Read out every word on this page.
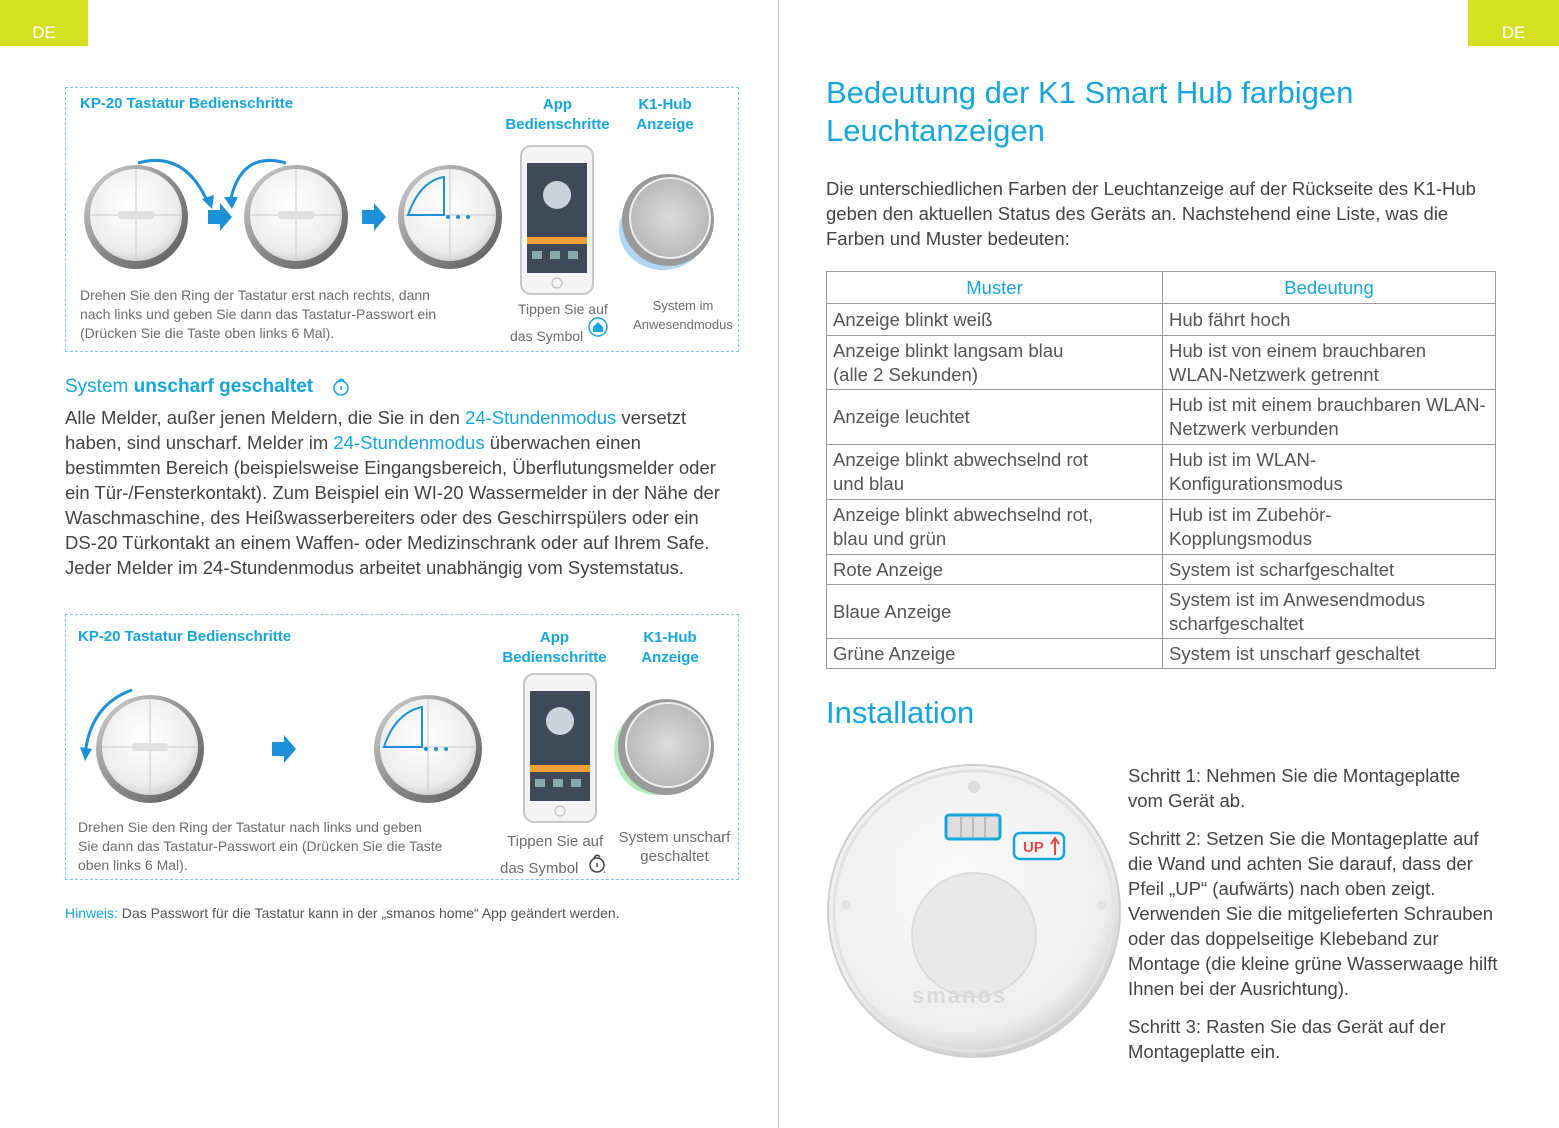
DE	DE
KP-20 Tastatur Bedienschritte	App
Bedienschritte
K1-Hub
Anzeige
Drehen Sie den Ring der Tastatur erst nach rechts, dann
nach links und geben Sie dann das Tastatur-Passwort ein
(Drücken Sie die Taste oben links 6 Mal).
Tippen Sie auf
das Symbol
System im
Anwesendmodus
System unscharf geschaltet
Alle Melder, außer jenen Meldern, die Sie in den 24-Stundenmodus versetzt haben, sind unscharf. Melder im 24-Stundenmodus überwachen einen bestimmten Bereich (beispielsweise Eingangsbereich, Überflutungsmelder oder ein Tür-/Fensterkontakt). Zum Beispiel ein WI-20 Wassermelder in der Nähe der Waschmaschine, des Heißwasserbereiters oder des Geschirrspülers oder ein DS-20 Türkontakt an einem Waffen- oder Medizinschrank oder auf Ihrem Safe. Jeder Melder im 24-Stundenmodus arbeitet unabhängig vom Systemstatus.
KP-20 Tastatur Bedienschritte	App
Bedienschritte
K1-Hub
Anzeige
Drehen Sie den Ring der Tastatur nach links und geben
Sie dann das Tastatur-Passwort ein (Drücken Sie die Taste
oben links 6 Mal).
Tippen Sie auf
das Symbol .
System unscharf
geschaltet
Hinweis: Das Passwort für die Tastatur kann in der „smanos home“ App geändert werden.
Bedeutung der K1 Smart Hub farbigen
Leuchtanzeigen
Die unterschiedlichen Farben der Leuchtanzeige auf der Rückseite des K1-Hub geben den aktuellen Status des Geräts an. Nachstehend eine Liste, was die Farben und Muster bedeuten:
Muster	Bedeutung
Anzeige blinkt weiß	Hub fährt hoch
Anzeige blinkt langsam blau (alle 2 Sekunden)	Hub ist von einem brauchbaren WLAN-Netzwerk getrennt
Anzeige leuchtet	Hub ist mit einem brauchbaren WLAN-Netzwerk verbunden
Anzeige blinkt abwechselnd rot und blau	Hub ist im WLAN-Konfigurationsmodus
Anzeige blinkt abwechselnd rot, blau und grün	Hub ist im Zubehör-Kopplungsmodus
Rote Anzeige	System ist scharfgeschaltet
Blaue Anzeige	System ist im Anwesendmodus scharfgeschaltet
Grüne Anzeige	System ist unscharf geschaltet
Installation
UP
smanos
Schritt 1: Nehmen Sie die Montageplatte vom Gerät ab.
Schritt 2: Setzen Sie die Montageplatte auf die Wand und achten Sie darauf, dass der Pfeil „UP“ (aufwärts) nach oben zeigt. Verwenden Sie die mitgelieferten Schrauben oder das doppelseitige Klebeband zur Montage (die kleine grüne Wasserwaage hilft Ihnen bei der Ausrichtung).
Schritt 3: Rasten Sie das Gerät auf der Montageplatte ein.
